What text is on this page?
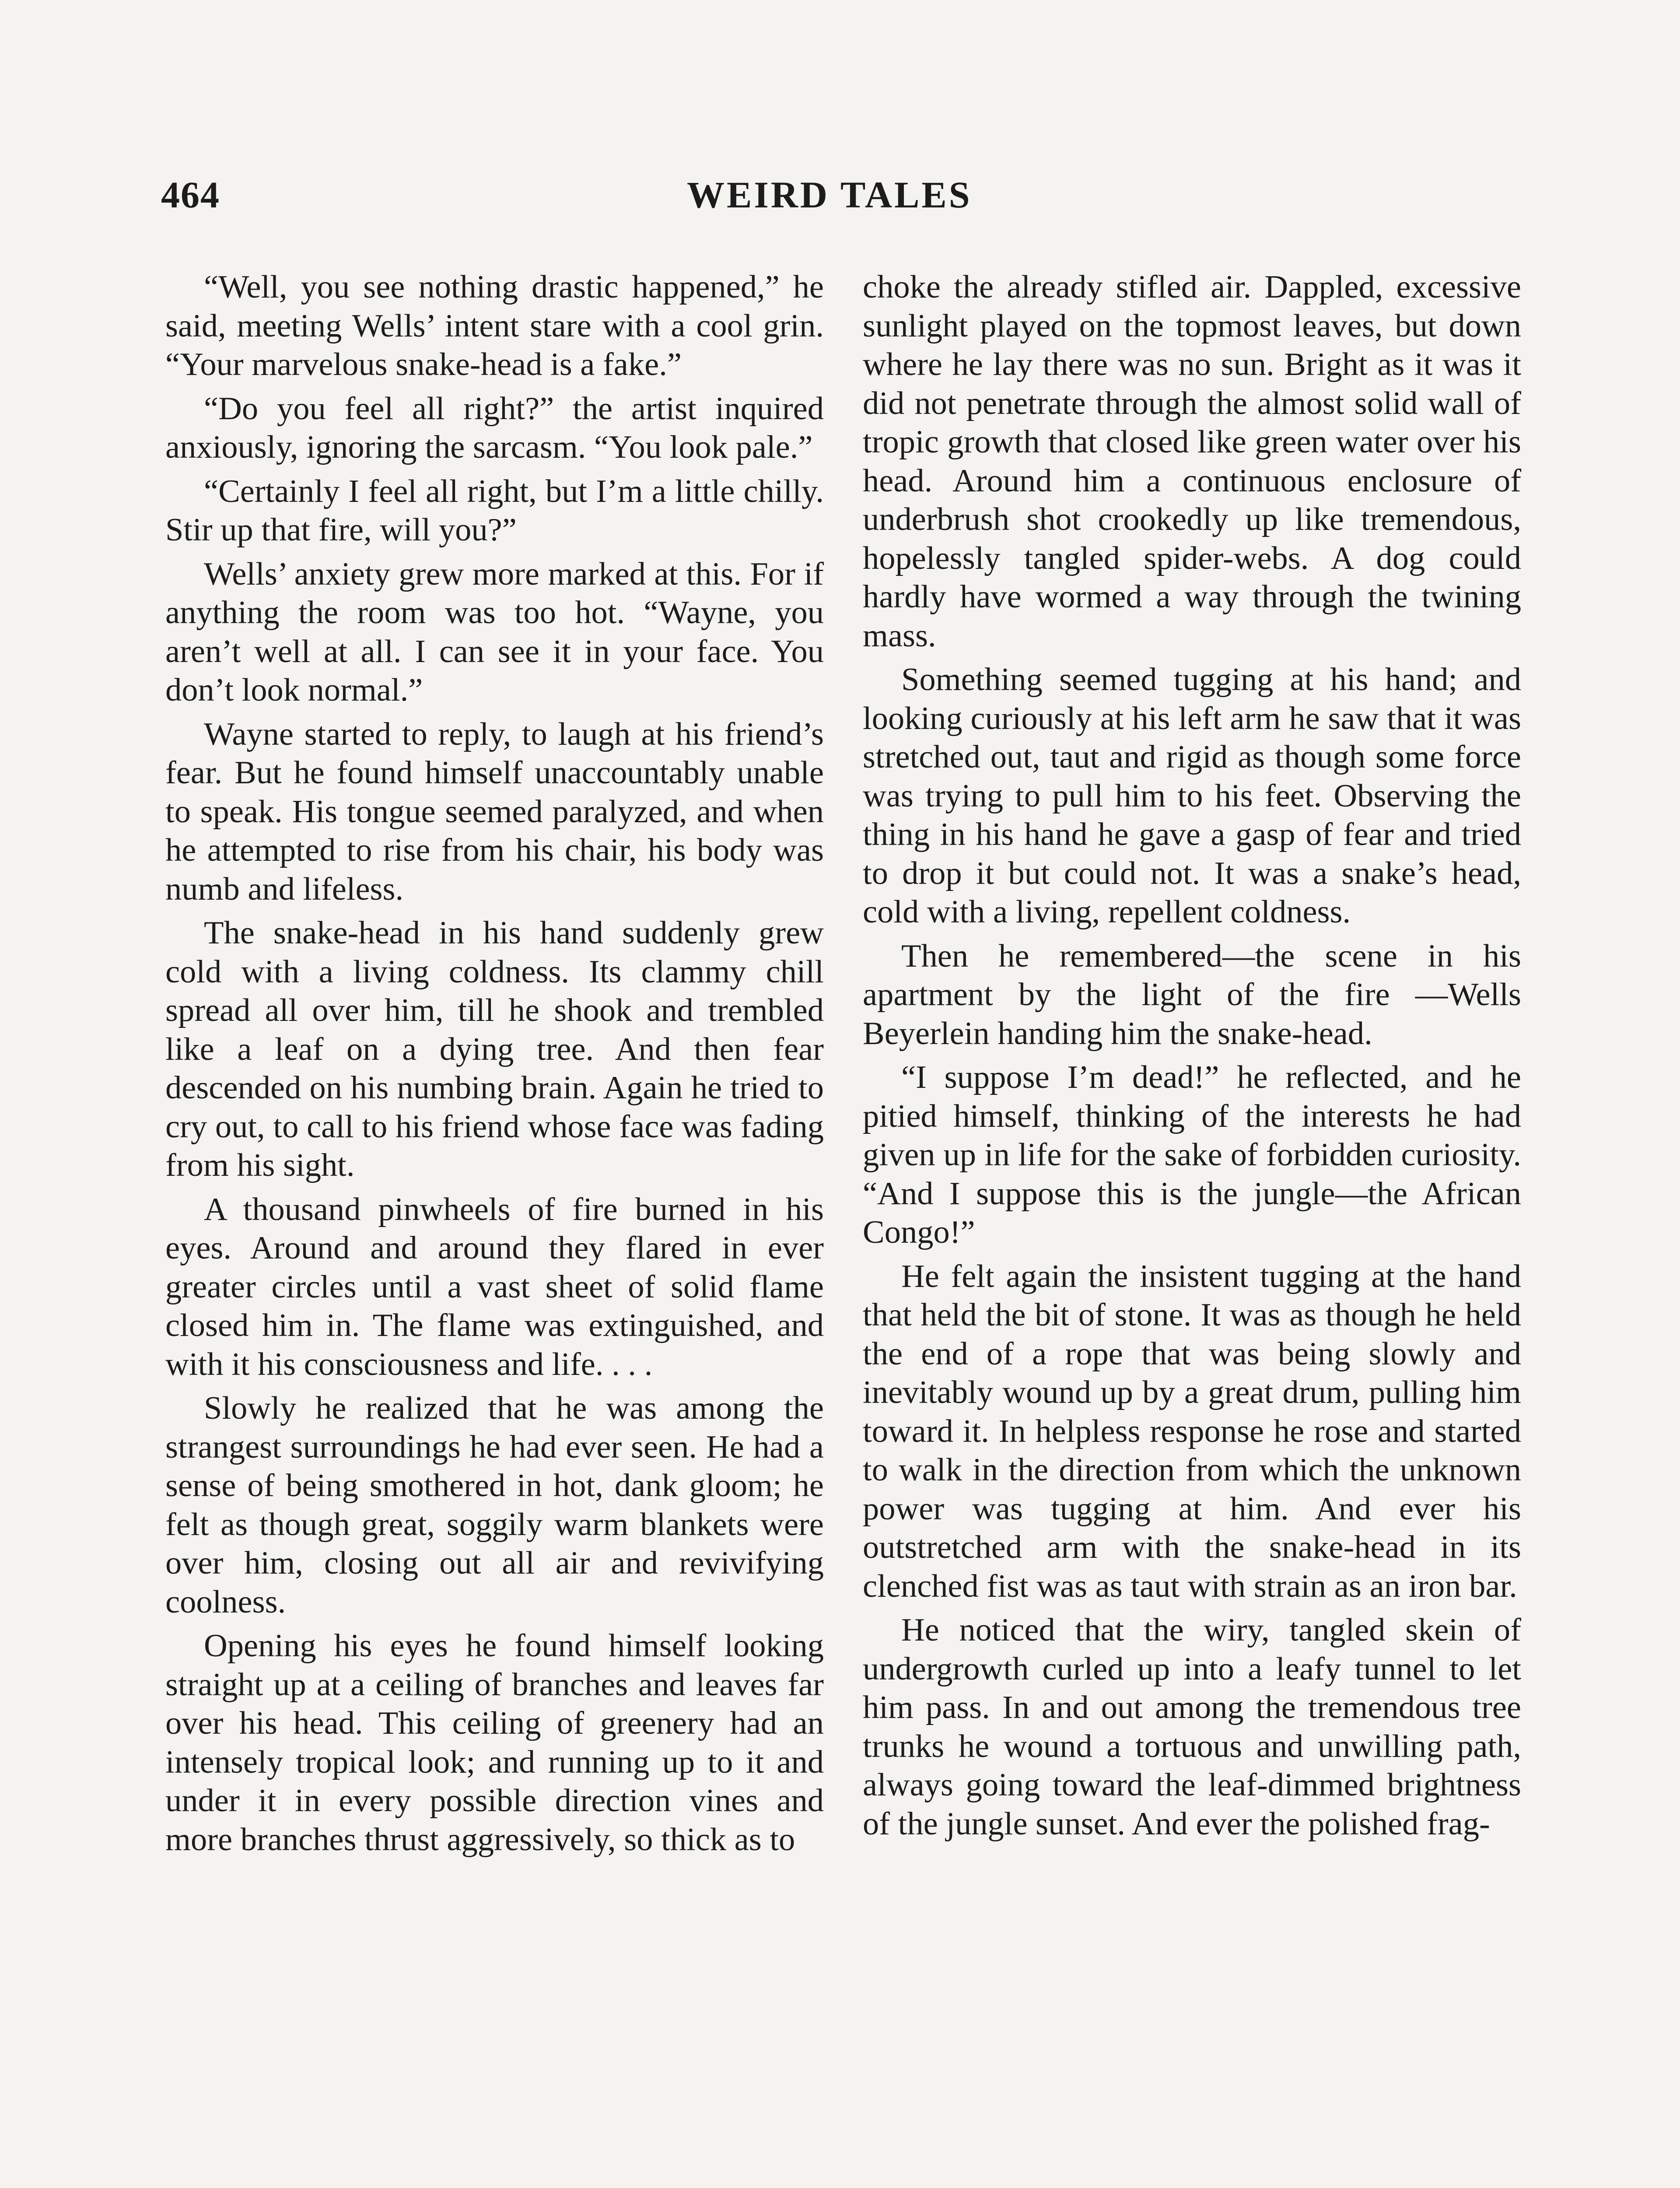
464	WEIRD TALES

“Well, you see nothing drastic happened,” he said, meeting Wells’ intent stare with a cool grin. “Your marvelous snake-head is a fake.”

“Do you feel all right?” the artist inquired anxiously, ignoring the sarcasm. “You look pale.”

“Certainly I feel all right, but I’m a little chilly. Stir up that fire, will you?”

Wells’ anxiety grew more marked at this. For if anything the room was too hot. “Wayne, you aren’t well at all. I can see it in your face. You don’t look normal.”

Wayne started to reply, to laugh at his friend’s fear. But he found himself unaccountably unable to speak. His tongue seemed paralyzed, and when he attempted to rise from his chair, his body was numb and lifeless.

The snake-head in his hand suddenly grew cold with a living coldness. Its clammy chill spread all over him, till he shook and trembled like a leaf on a dying tree. And then fear descended on his numbing brain. Again he tried to cry out, to call to his friend whose face was fading from his sight.

A thousand pinwheels of fire burned in his eyes. Around and around they flared in ever greater circles until a vast sheet of solid flame closed him in. The flame was extinguished, and with it his consciousness and life. . . .

Slowly he realized that he was among the strangest surroundings he had ever seen. He had a sense of being smothered in hot, dank gloom; he felt as though great, soggily warm blankets were over him, closing out all air and revivifying coolness.

Opening his eyes he found himself looking straight up at a ceiling of branches and leaves far over his head. This ceiling of greenery had an intensely tropical look; and running up to it and under it in every possible direction vines and more branches thrust aggressively, so thick as to

choke the already stifled air. Dappled, excessive sunlight played on the topmost leaves, but down where he lay there was no sun. Bright as it was it did not penetrate through the almost solid wall of tropic growth that closed like green water over his head. Around him a continuous enclosure of underbrush shot crookedly up like tremendous, hopelessly tangled spider-webs. A dog could hardly have wormed a way through the twining mass.

Something seemed tugging at his hand; and looking curiously at his left arm he saw that it was stretched out, taut and rigid as though some force was trying to pull him to his feet. Observing the thing in his hand he gave a gasp of fear and tried to drop it but could not. It was a snake’s head, cold with a living, repellent coldness.

Then he remembered—the scene in his apartment by the light of the fire —Wells Beyerlein handing him the snake-head.

“I suppose I’m dead!” he reflected, and he pitied himself, thinking of the interests he had given up in life for the sake of forbidden curiosity. “And I suppose this is the jungle—the African Congo!”

He felt again the insistent tugging at the hand that held the bit of stone. It was as though he held the end of a rope that was being slowly and inevitably wound up by a great drum, pulling him toward it. In helpless response he rose and started to walk in the direction from which the unknown power was tugging at him. And ever his outstretched arm with the snake-head in its clenched fist was as taut with strain as an iron bar.

He noticed that the wiry, tangled skein of undergrowth curled up into a leafy tunnel to let him pass. In and out among the tremendous tree trunks he wound a tortuous and unwilling path, always going toward the leaf-dimmed brightness of the jungle sunset. And ever the polished frag-
